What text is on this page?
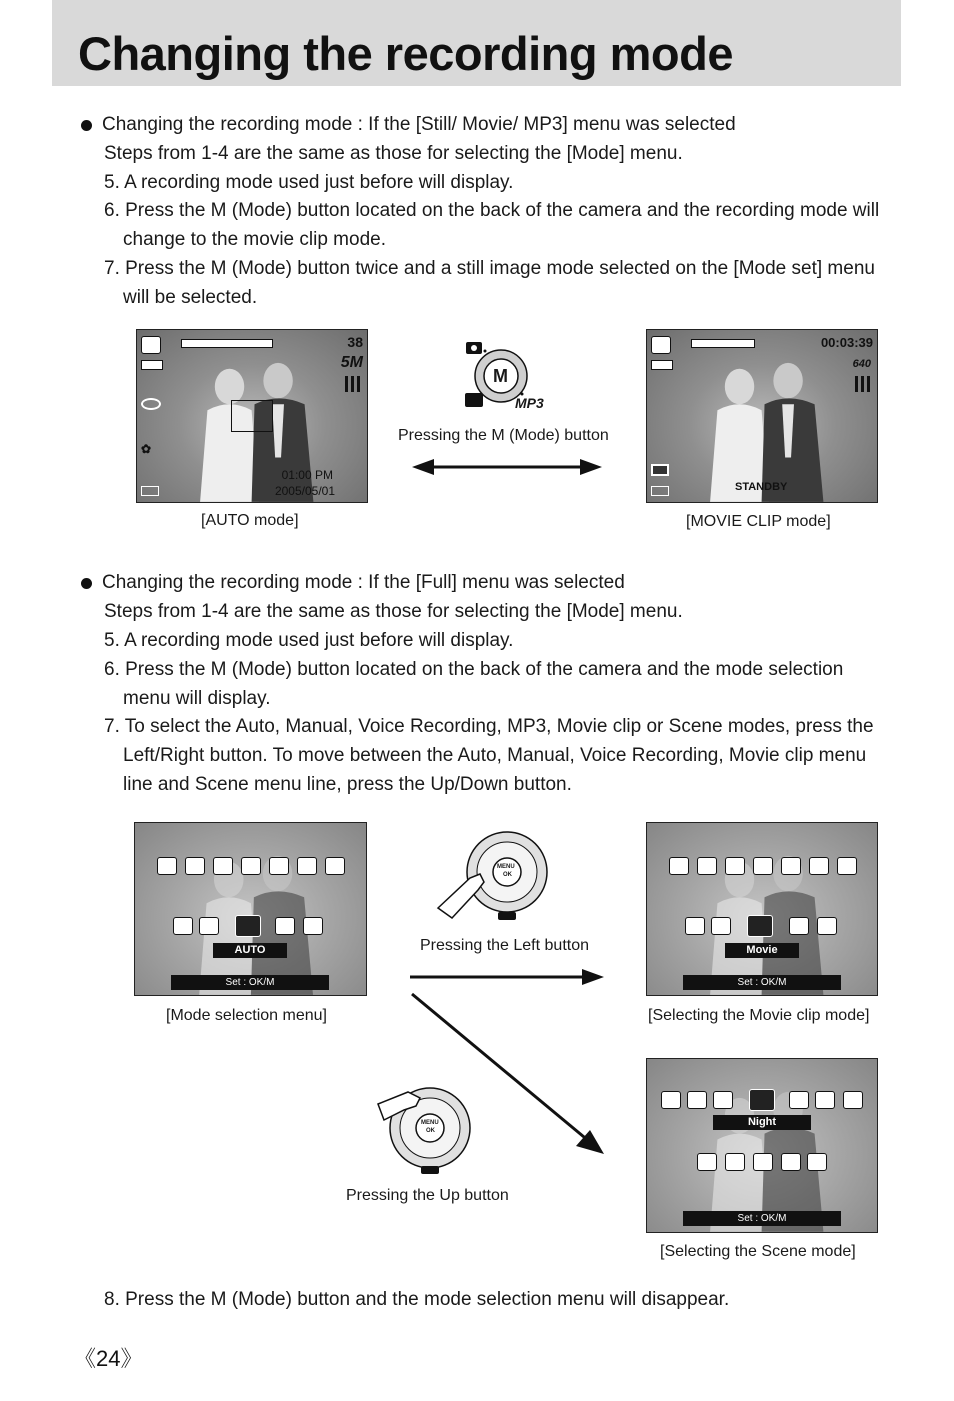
Changing the recording mode
Changing the recording mode : If the [Still/ Movie/ MP3] menu was selected
Steps from 1-4 are the same as those for selecting the [Mode] menu.
5. A recording mode used just before will display.
6. Press the M (Mode) button located on the back of the camera and the recording mode will
change to the movie clip mode.
7. Press the M (Mode) button twice and a still image mode selected on the [Mode set] menu
will be selected.
38
5M
✿
01:00 PM
2005/05/01
[AUTO mode]
M
MP3
Pressing the M (Mode) button
00:03:39
640
STANDBY
[MOVIE CLIP mode]
Changing the recording mode : If the [Full] menu was selected
Steps from 1-4 are the same as those for selecting the [Mode] menu.
5. A recording mode used just before will display.
6. Press the M (Mode) button located on the back of the camera and the mode selection
menu will display.
7. To select the Auto, Manual, Voice Recording, MP3, Movie clip or Scene modes, press the
Left/Right button. To move between the Auto, Manual, Voice Recording, Movie clip menu
line and Scene menu line, press the Up/Down button.
AUTO
Set : OK/M
[Mode selection menu]
MENU
OK
Pressing the Left button	Movie
Set : OK/M
[Selecting the Movie clip mode]
MENU
OK
Pressing the Up button
Night
Set : OK/M
[Selecting the Scene mode]
8. Press the M (Mode) button and the mode selection menu will disappear.
《24》
